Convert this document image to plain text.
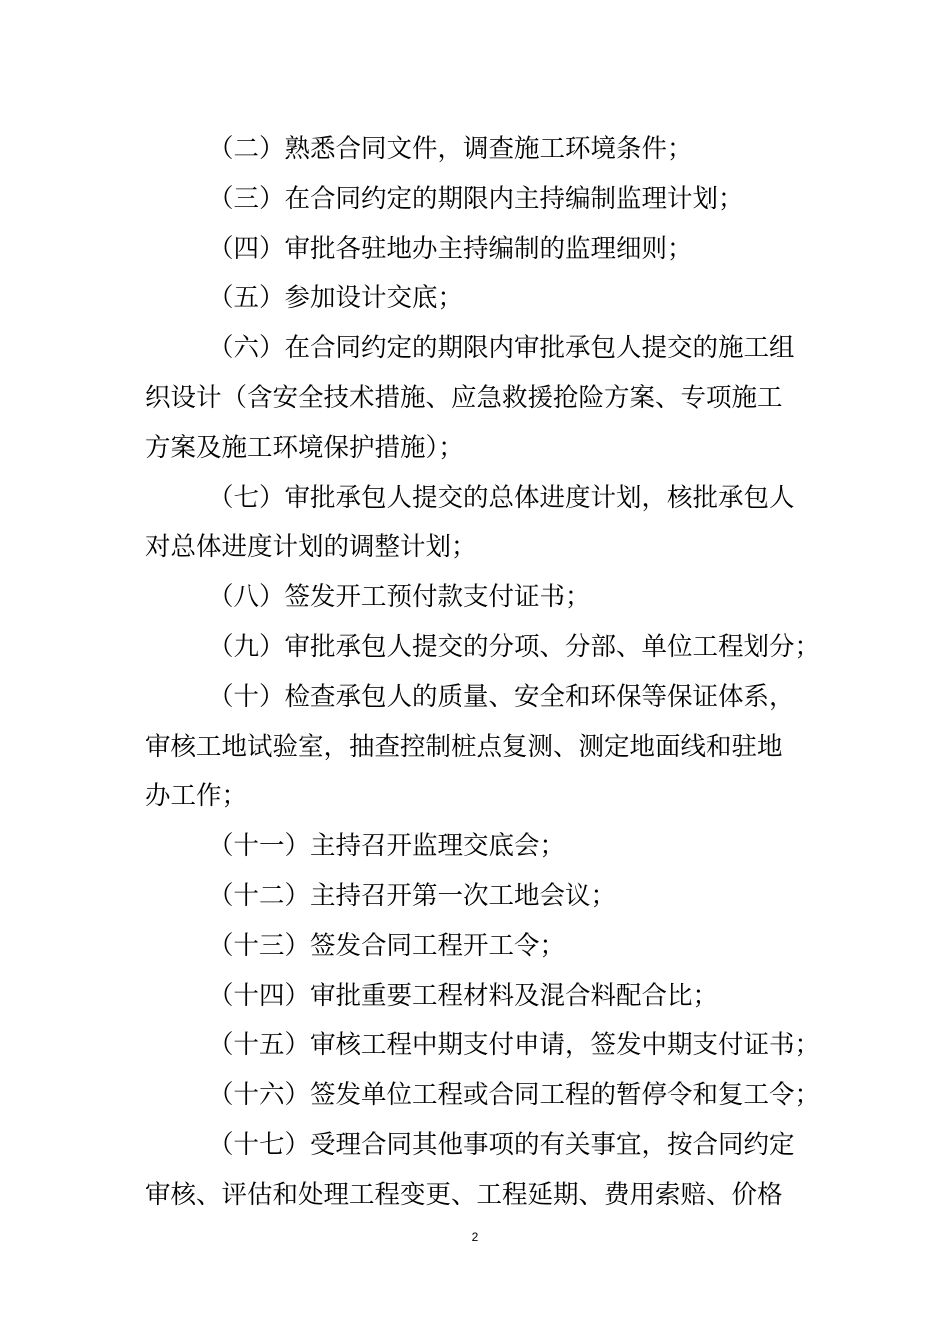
（二）熟悉合同文件，调查施工环境条件；
（三）在合同约定的期限内主持编制监理计划；
（四）审批各驻地办主持编制的监理细则；
（五）参加设计交底；
（六）在合同约定的期限内审批承包人提交的施工组
织设计（含安全技术措施、应急救援抢险方案、专项施工
方案及施工环境保护措施）；
（七）审批承包人提交的总体进度计划，核批承包人
对总体进度计划的调整计划；
（八）签发开工预付款支付证书；
（九）审批承包人提交的分项、分部、单位工程划分；
（十）检查承包人的质量、安全和环保等保证体系，
审核工地试验室，抽查控制桩点复测、测定地面线和驻地
办工作；
（十一）主持召开监理交底会；
（十二）主持召开第一次工地会议；
（十三）签发合同工程开工令；
（十四）审批重要工程材料及混合料配合比；
（十五）审核工程中期支付申请，签发中期支付证书；
（十六）签发单位工程或合同工程的暂停令和复工令；
（十七）受理合同其他事项的有关事宜，按合同约定
审核、评估和处理工程变更、工程延期、费用索赔、价格
2
